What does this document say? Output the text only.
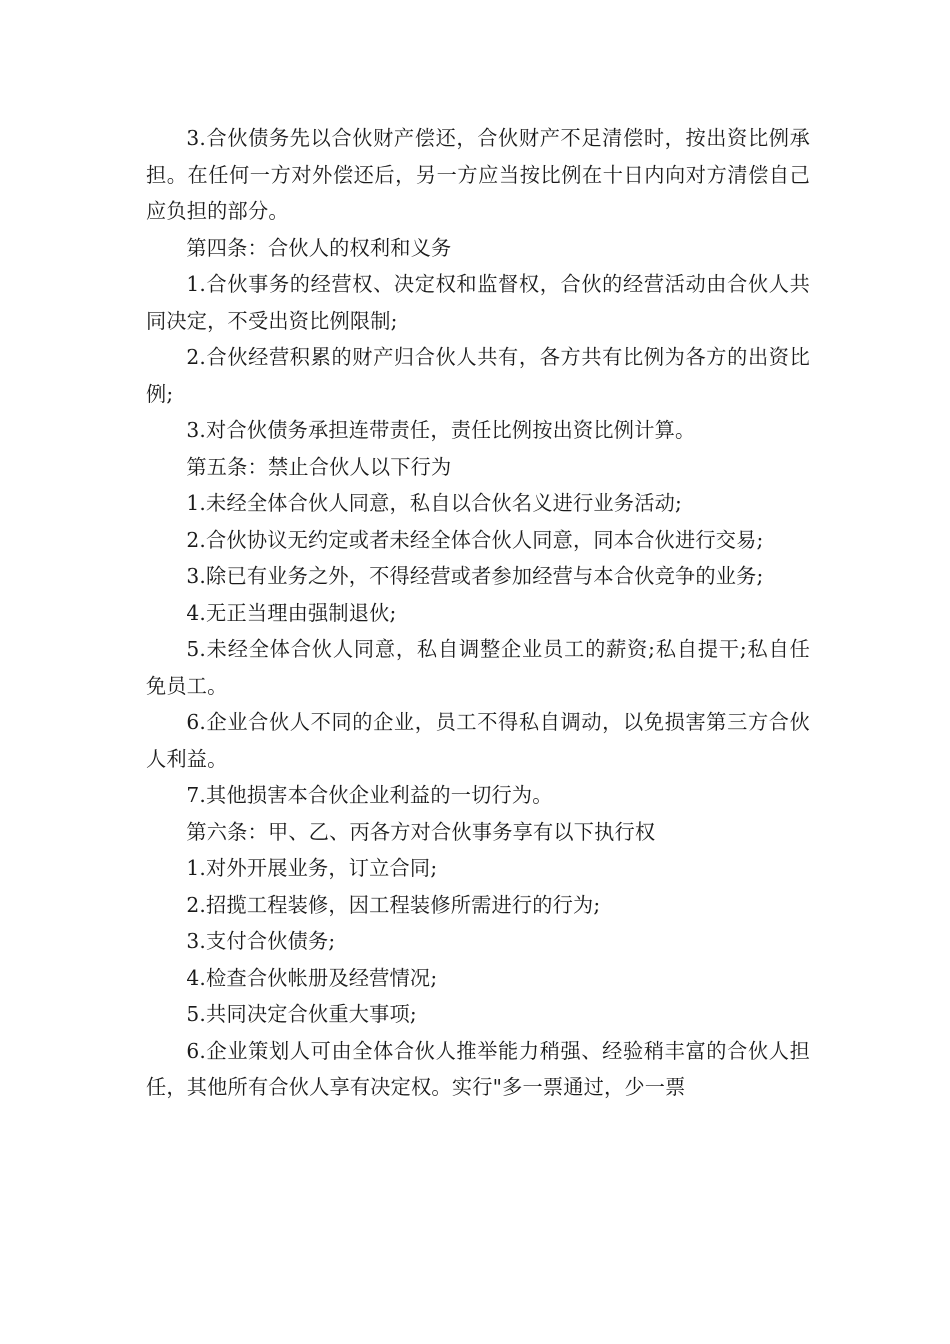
3.合伙债务先以合伙财产偿还，合伙财产不足清偿时，按出资比例承担。在任何一方对外偿还后，另一方应当按比例在十日内向对方清偿自己应负担的部分。

第四条：合伙人的权利和义务

1.合伙事务的经营权、决定权和监督权，合伙的经营活动由合伙人共同决定，不受出资比例限制;

2.合伙经营积累的财产归合伙人共有，各方共有比例为各方的出资比例;

3.对合伙债务承担连带责任，责任比例按出资比例计算。

第五条：禁止合伙人以下行为

1.未经全体合伙人同意，私自以合伙名义进行业务活动;

2.合伙协议无约定或者未经全体合伙人同意，同本合伙进行交易;

3.除已有业务之外，不得经营或者参加经营与本合伙竞争的业务;

4.无正当理由强制退伙;

5.未经全体合伙人同意，私自调整企业员工的薪资;私自提干;私自任免员工。

6.企业合伙人不同的企业，员工不得私自调动，以免损害第三方合伙人利益。

7.其他损害本合伙企业利益的一切行为。

第六条：甲、乙、丙各方对合伙事务享有以下执行权

1.对外开展业务，订立合同;

2.招揽工程装修，因工程装修所需进行的行为;

3.支付合伙债务;

4.检查合伙帐册及经营情况;

5.共同决定合伙重大事项;

6.企业策划人可由全体合伙人推举能力稍强、经验稍丰富的合伙人担任，其他所有合伙人享有决定权。实行"多一票通过，少一票
